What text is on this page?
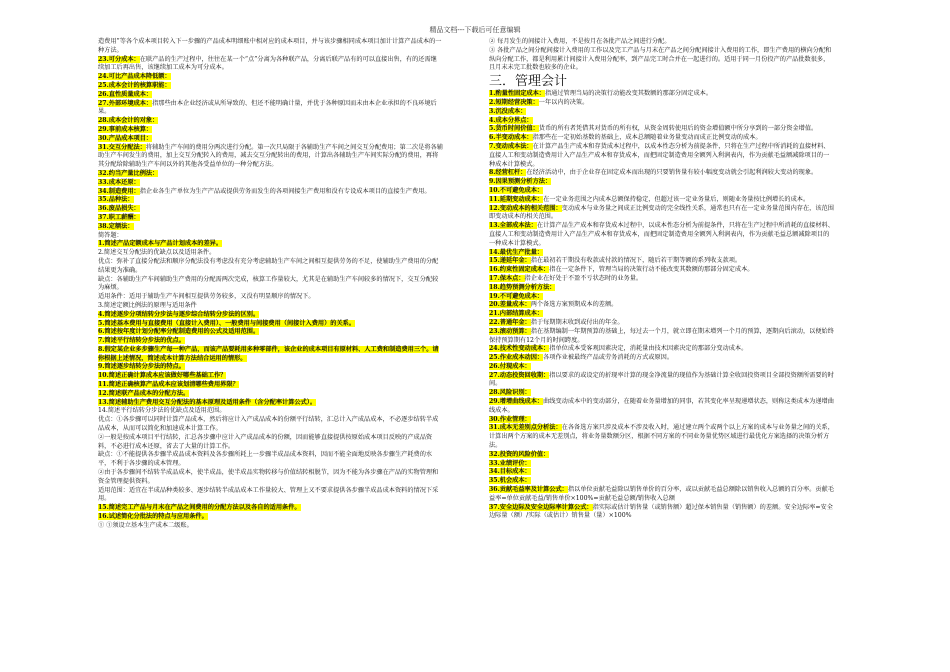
精品文档---下载后可任意编辑
造费用”等各个成本项目转入下一步骤的产品成本明细账中相对应的成本项目，并与该步骤相同成本项目加计计算产品成本的一种方法。
23.可分成本：在联产品的生产过程中，往往在某一个“点”分离为各种联产品，分离后联产品有的可以直接出售，有的还需继续加工后再出售，该继续加工成本为可分成本。
24.可比产品成本降低额：
25.成本会计的核算职能：
26.直性质量成本：
27.外部环境成本：指那些由本企业经济或从所导致的、但还不能明确计量，并优于各种原因而未由本企业承担的不良环境后果。
28.成本会计的对象：
29.事前成本核算：
30.产品成本项目：
31.交互分配法：将辅助生产车间的费用分两次进行分配。第一次只局限于各辅助生产车间之间交互分配费用；第二次是将各辅助生产车间发生的费用，加上交互分配转入的费用，减去交互分配转出的费用，计算出各辅助生产车间实际分配的费用，再将其分配给除辅助生产车间以外的其他各受益单位的一种分配方法。
32.约当产量比例法：
33.成本还原：
34.制造费用：指企业各生产单位为生产产品或提供劳务而发生的各项间接生产费用和没有专设成本项目的直接生产费用。
35.品种法：
36.废品损失：
37.职工薪酬：
38.定额法：
简答题：
1.简述产品定额成本与产品计划成本的差异。
2.简述交互分配法的优缺点以及适用条件。
优点：弥补了直接分配法和顺序分配法没有考虑没有充分考虑辅助生产车间之间相互提供劳务的不足，使辅助生产费用的分配结果更为准确。
缺点：各辅助生产车间辅助生产费用的分配需两次完成，核算工作量较大，尤其是在辅助生产车间较多的情况下，交互分配较为麻烦。
适用条件：适用于辅助生产车间相互提供劳务较多，又没有明显顺序的情况下。
3.简述定额比例法的原理与适用条件
4.简述逐步分项结转分步法与逐步综合结转分步法的区别。
5.简述基本费用与直接费用（直接计入费用）、一般费用与间接费用（间接计入费用）的关系。
6.简述按年度计划分配率分配制造费用的公式及适用范围。
7.简述平行结转分步法的优点。
8.假定某企业多步骤生产每一种产品，而该产品要耗用多种零部件，该企业的成本项目有原材料、人工费和制造费用三个。请你根据上述情况，简述成本计算方法结合运用的情形。
9.简述逐步结转分步法的特点。
10.简述正确计算成本应该做好哪些基础工作？
11.简述正确核算产品成本应该划清哪些费用界限？
12.简述联产品成本的分配方法。
13.简述辅助生产费用交互分配法的基本原理及适用条件（含分配率计算公式）。
14.简述平行结转分步法的优缺点及适用范围。
优点：①各步骤可以同时计算产品成本，然后将应计入产成品成本的份额平行结转，汇总计入产成品成本，不必逐步结转半成品成本，从而可以简化和加速成本计算工作。
②一般是按成本项目平行结转，汇总各步骤中应计入产成品成本的份额，因而能够直接提供按原始成本项目反映的产成品资料，不必进行成本还原，省去了大量的计算工作。
缺点：①不能提供各步骤半成品成本资料及各步骤所耗上一步骤半成品成本资料，因而不能全面地反映各步骤生产耗费的水平，不利于各步骤的成本管理。
②由于各步骤间不结转半成品成本，使半成品，使半成品实物转移与价值结转相脱节，因为不能为各步骤在产品的实物管理和资金管理提供资料。
适用范围：适宜在半成品种类较多、逐步结转半成品成本工作量较大、管理上又不要求提供各步骤半成品成本资料的情况下采用。
15.简述完工产品与月末在产品之间费用的分配方法以及各自的适用条件。
16.试述简化分批法的特点与应用条件。
① ①须设立基本生产成本二级账。
② 每月发生的间接计入费用，不是按月在各批产品之间进行分配。
③ 各批产品之间分配间接计入费用的工作以及完工产品与月末在产品之间分配间接计入费用的工作，即生产费用的横向分配和纵向分配工作，都是利用累计间接计入费用分配率，到产品完工时合并在一起进行的。适用于同一月份投产的产品批数很多，且月末未完工批数也较多的企业。
三．管理会计
1.酌量性固定成本：指通过管理当局的决策行动能改变其数额的那部分固定成本。
2.短期经营决策：一年以内的决策。
3.沉没成本：
4.成本分界点：
5.货币时间价值：货币的所有者凭借其对货币的所有权，从资金周转使用后的资金增值额中所分享到的一部分资金增值。
6.半变动成本：指那些在一定初始基数的基础上，成本总额随着业务量变动而成正比例变动的成本。
7.变动成本法：在计算产品生产成本和存货成本过程中，以成本性态分析为前提条件，只将在生产过程中所消耗的直接材料、直接人工和变动制造费用计入产品生产成本和存货成本，而把固定制造费用全额列入利润表内，作为贡献毛益额减除项目的一种成本计算模式。
8.经营杠杆：在经济活动中，由于企业存在固定成本而出现的只要销售量有较小幅度变动就会引起利润较大变动的现象。
9.因果预测分析方法：
10.不可避免成本：
11.延期变动成本：在一定业务范围之内成本总额保持稳定，但超过该一定业务量后，则随业务量按比例增长的成本。
12.变动成本的相关范围：变动成本与业务量之间成正比例变动的完全线性关系，通常也只有在一定业务量范围内存在，该范围即变动成本的相关范围。
13.全部成本法：在计算产品生产成本和存货成本过程中，以成本性态分析为前提条件，只将在生产过程中所消耗的直接材料、直接人工和变动制造费用计入产品生产成本和存货成本，而把固定制造费用全额列入利润表内，作为贡献毛益总额减除项目的一种成本计算模式。
14.最优生产批量：
15.递延年金：指在最初若干期没有收款或付款的情况下，随后若干期等额的系列收支款项。
16.约束性固定成本：指在一定条件下，管理当局的决策行动不能改变其数额的那部分固定成本。
17.保本点：指企业在好处于不盈不亏状态时的业务量。
18.趋势预测分析方法：
19.不可避免成本：
20.差量成本：两个备选方案预期成本的差额。
21.内部结算成本：
22.普通年金：指于每期期末收到或付出的年金。
23.滚动预算：指在基期编制一年期预算的基础上，每过去一个月，就立即在期末增列一个月的预算，逐期向后滚动，以便始终保持预算期有12个月的时间跨度。
24.技术性变动成本：指单位成本受客观因素决定，消耗量由技术因素决定的那部分变动成本。
25.作业成本动因：各项作业被最终产品或劳务消耗的方式或原因。
26.付现成本：
27.动态投资回收期：指以要求的或设定的折现率计算的现金净流量的现值作为基础计算全收回投资项目全部投资额所需要的时间。
28.风险识别：
29.增增曲线成本：曲线变动成本中的变动部分，在随着业务量增加的同事，若其变化率呈现递增状态，则称这类成本为递增曲线成本。
30.作业管理：
31.成本无差别点分析法：在各备选方案只涉及成本不涉及收入时，通过建立两个或两个以上方案的成本与业务量之间的关系，计算出两个方案的成本无差别点，将业务量数额分区，根据不同方案的不同业务量优势区域进行最优化方案选择的决策分析方法。
32.投资的风险价值：
33.业绩评价：
34.目标成本：
35.机会成本：
36.贡献毛益率及计算公式：指以单位贡献毛益除以销售单价的百分率，或以贡献毛益总额除以销售收入总额的百分率。贡献毛益率=单位贡献毛益/销售单价×100%=贡献毛益总额/销售收入总额
37.安全边际及安全边际率计算公式：指实际或估计销售量（或销售额）超过保本销售量（销售额）的差额。安全边际率=安全边际量（额）/实际（或估计）销售量（量）×100%
